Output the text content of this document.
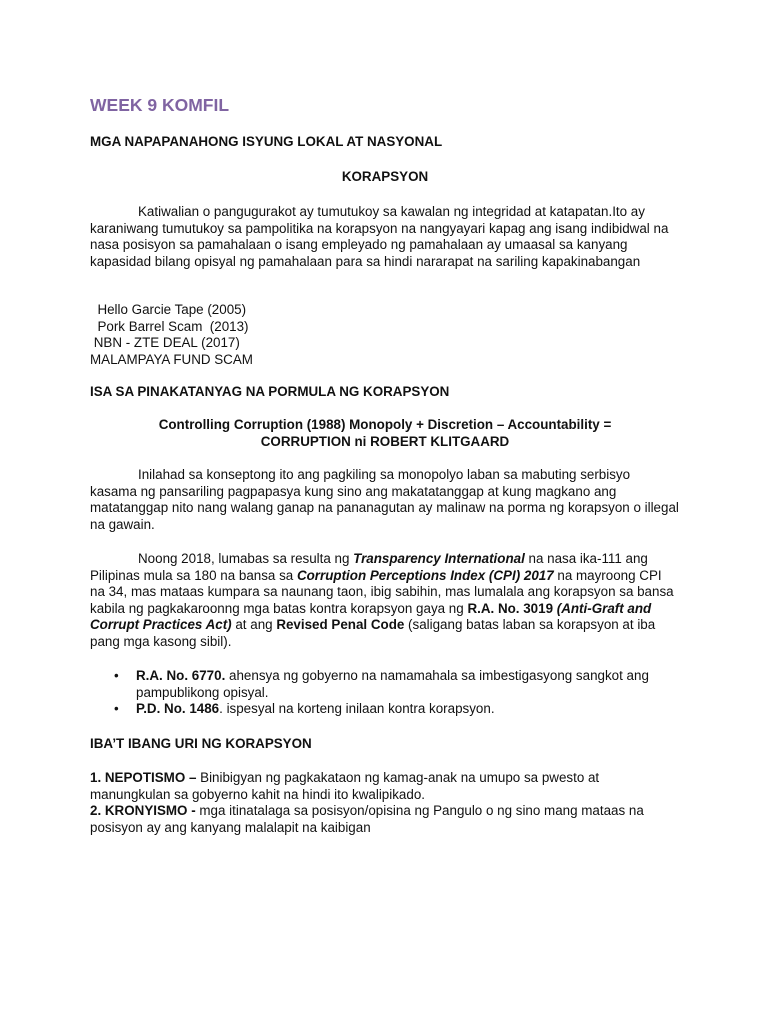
WEEK 9 KOMFIL
MGA NAPAPANAHONG ISYUNG LOKAL AT NASYONAL
KORAPSYON

Katiwalian o pangugurakot ay tumutukoy sa kawalan ng integridad at katapatan.Ito ay karaniwang tumutukoy sa pampolitika na korapsyon na nangyayari kapag ang isang indibidwal na nasa posisyon sa pamahalaan o isang empleyado ng pamahalaan ay umaasal sa kanyang kapasidad bilang opisyal ng pamahalaan para sa hindi nararapat na sariling kapakinabangan

Hello Garcie Tape (2005)

Pork Barrel Scam  (2013)

NBN - ZTE DEAL (2017)

MALAMPAYA FUND SCAM

ISA SA PINAKATANYAG NA PORMULA NG KORAPSYON
Controlling Corruption (1988) Monopoly + Discretion – Accountability =
CORRUPTION ni ROBERT KLITGAARD

Inilahad sa konseptong ito ang pagkiling sa monopolyo laban sa mabuting serbisyo kasama ng pansariling pagpapasya kung sino ang makatatanggap at kung magkano ang matatanggap nito nang walang ganap na pananagutan ay malinaw na porma ng korapsyon o illegal na gawain.

Noong 2018, lumabas sa resulta ng Transparency International na nasa ika-111 ang Pilipinas mula sa 180 na bansa sa Corruption Perceptions Index (CPI) 2017 na mayroong CPI na 34, mas mataas kumpara sa naunang taon, ibig sabihin, mas lumalala ang korapsyon sa bansa kabila ng pagkakaroonng mga batas kontra korapsyon gaya ng R.A. No. 3019 (Anti-Graft and Corrupt Practices Act) at ang Revised Penal Code (saligang batas laban sa korapsyon at iba pang mga kasong sibil).

• R.A. No. 6770. ahensya ng gobyerno na namamahala sa imbestigasyong sangkot ang pampublikong opisyal.
• P.D. No. 1486. ispesyal na korteng inilaan kontra korapsyon.
IBA’T IBANG URI NG KORAPSYON

1. NEPOTISMO – Binibigyan ng pagkakataon ng kamag-anak na umupo sa pwesto at manungkulan sa gobyerno kahit na hindi ito kwalipikado.

2. KRONYISMO - mga itinatalaga sa posisyon/opisina ng Pangulo o ng sino mang mataas na posisyon ay ang kanyang malalapit na kaibigan
